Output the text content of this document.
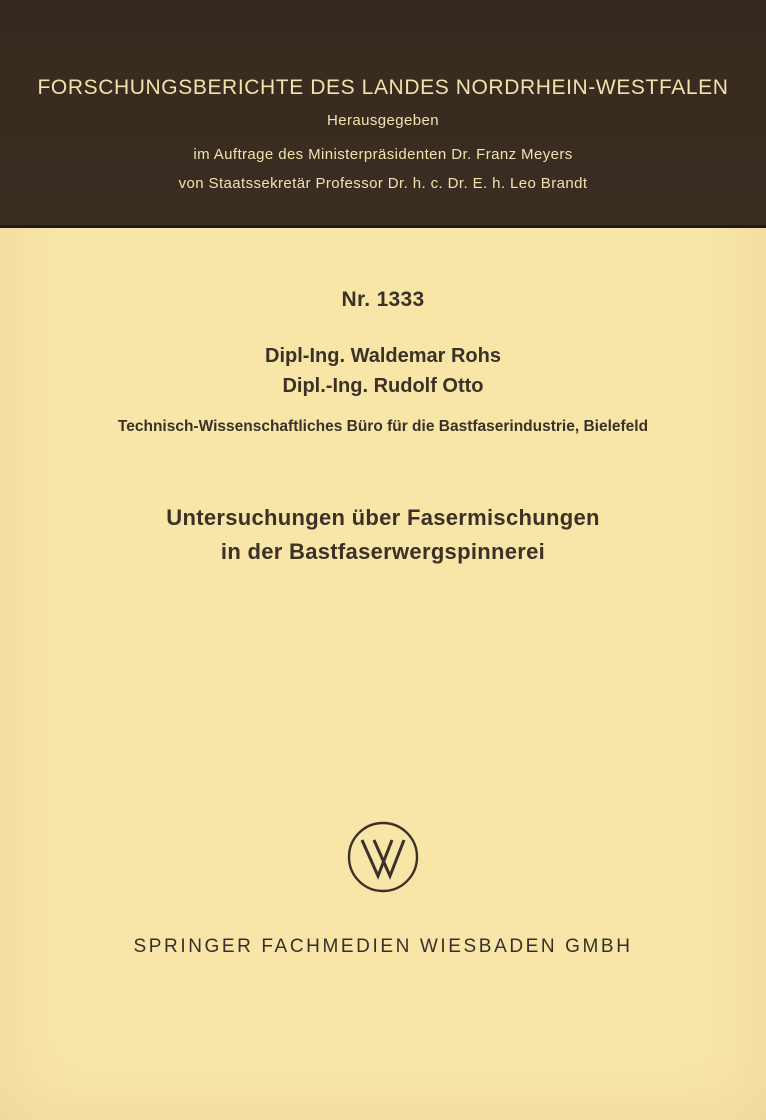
FORSCHUNGSBERICHTE DES LANDES NORDRHEIN-WESTFALEN
Herausgegeben
im Auftrage des Ministerpräsidenten Dr. Franz Meyers
von Staatssekretär Professor Dr. h. c. Dr. E. h. Leo Brandt
Nr. 1333
Dipl-Ing. Waldemar Rohs
Dipl.-Ing. Rudolf Otto
Technisch-Wissenschaftliches Büro für die Bastfaserindustrie, Bielefeld
Untersuchungen über Fasermischungen
in der Bastfaserwergspinnerei
SPRINGER FACHMEDIEN WIESBADEN GMBH
